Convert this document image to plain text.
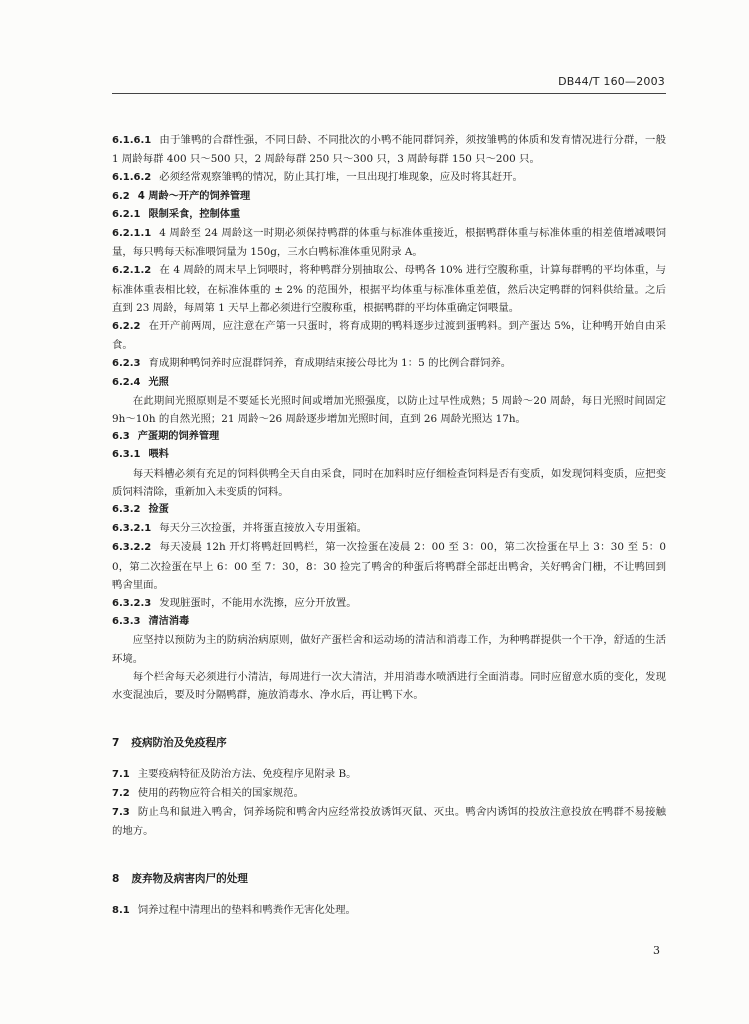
DB44/T 160—2003

6.1.6.1 由于雏鸭的合群性强，不同日龄、不同批次的小鸭不能同群饲养，须按雏鸭的体质和发育情况进行分群，一般 1 周龄每群 400 只～500 只，2 周龄每群 250 只～300 只，3 周龄每群 150 只～200 只。

6.1.6.2 必须经常观察雏鸭的情况，防止其打堆，一旦出现打堆现象，应及时将其赶开。

6.2 4 周龄～开产的饲养管理

6.2.1 限制采食，控制体重

6.2.1.1 4 周龄至 24 周龄这一时期必须保持鸭群的体重与标准体重接近，根据鸭群体重与标准体重的相差值增减喂饲量，每只鸭每天标准喂饲量为 150g，三水白鸭标准体重见附录 A。

6.2.1.2 在 4 周龄的周末早上饲喂时，将种鸭群分别抽取公、母鸭各 10% 进行空腹称重，计算每群鸭的平均体重，与标准体重表相比较，在标准体重的 ± 2% 的范围外，根据平均体重与标准体重差值，然后决定鸭群的饲料供给量。之后直到 23 周龄，每周第 1 天早上都必须进行空腹称重，根据鸭群的平均体重确定饲喂量。

6.2.2 在开产前两周，应注意在产第一只蛋时，将育成期的鸭料逐步过渡到蛋鸭料。到产蛋达 5%，让种鸭开始自由采食。

6.2.3 育成期种鸭饲养时应混群饲养，育成期结束接公母比为 1：5 的比例合群饲养。

6.2.4 光照

在此期间光照原则是不要延长光照时间或增加光照强度，以防止过早性成熟；5 周龄～20 周龄，每日光照时间固定 9h～10h 的自然光照；21 周龄～26 周龄逐步增加光照时间，直到 26 周龄光照达 17h。

6.3 产蛋期的饲养管理

6.3.1 喂料

每天料槽必须有充足的饲料供鸭全天自由采食，同时在加料时应仔细检查饲料是否有变质，如发现饲料变质，应把变质饲料清除，重新加入未变质的饲料。

6.3.2 捡蛋

6.3.2.1 每天分三次捡蛋，并将蛋直接放入专用蛋箱。

6.3.2.2 每天凌晨 12h 开灯将鸭赶回鸭栏，第一次捡蛋在凌晨 2：00 至 3：00，第二次捡蛋在早上 3：30 至 5：00，第二次捡蛋在早上 6：00 至 7：30，8：30 捡完了鸭舍的种蛋后将鸭群全部赶出鸭舍，关好鸭舍门栅，不让鸭回到鸭舍里面。

6.3.2.3 发现脏蛋时，不能用水洗擦，应分开放置。

6.3.3 清洁消毒

应坚持以预防为主的防病治病原则，做好产蛋栏舍和运动场的清洁和消毒工作，为种鸭群提供一个干净，舒适的生活环境。

每个栏舍每天必须进行小清洁，每周进行一次大清洁，并用消毒水喷洒进行全面消毒。同时应留意水质的变化，发现水变混浊后，要及时分隔鸭群，施放消毒水、净水后，再让鸭下水。

7 疫病防治及免疫程序

7.1 主要疫病特征及防治方法、免疫程序见附录 B。

7.2 使用的药物应符合相关的国家规范。

7.3 防止鸟和鼠进入鸭舍，饲养场院和鸭舍内应经常投放诱饵灭鼠、灭虫。鸭舍内诱饵的投放注意投放在鸭群不易接触的地方。

8 废弃物及病害肉尸的处理

8.1 饲养过程中清理出的垫料和鸭粪作无害化处理。

3
